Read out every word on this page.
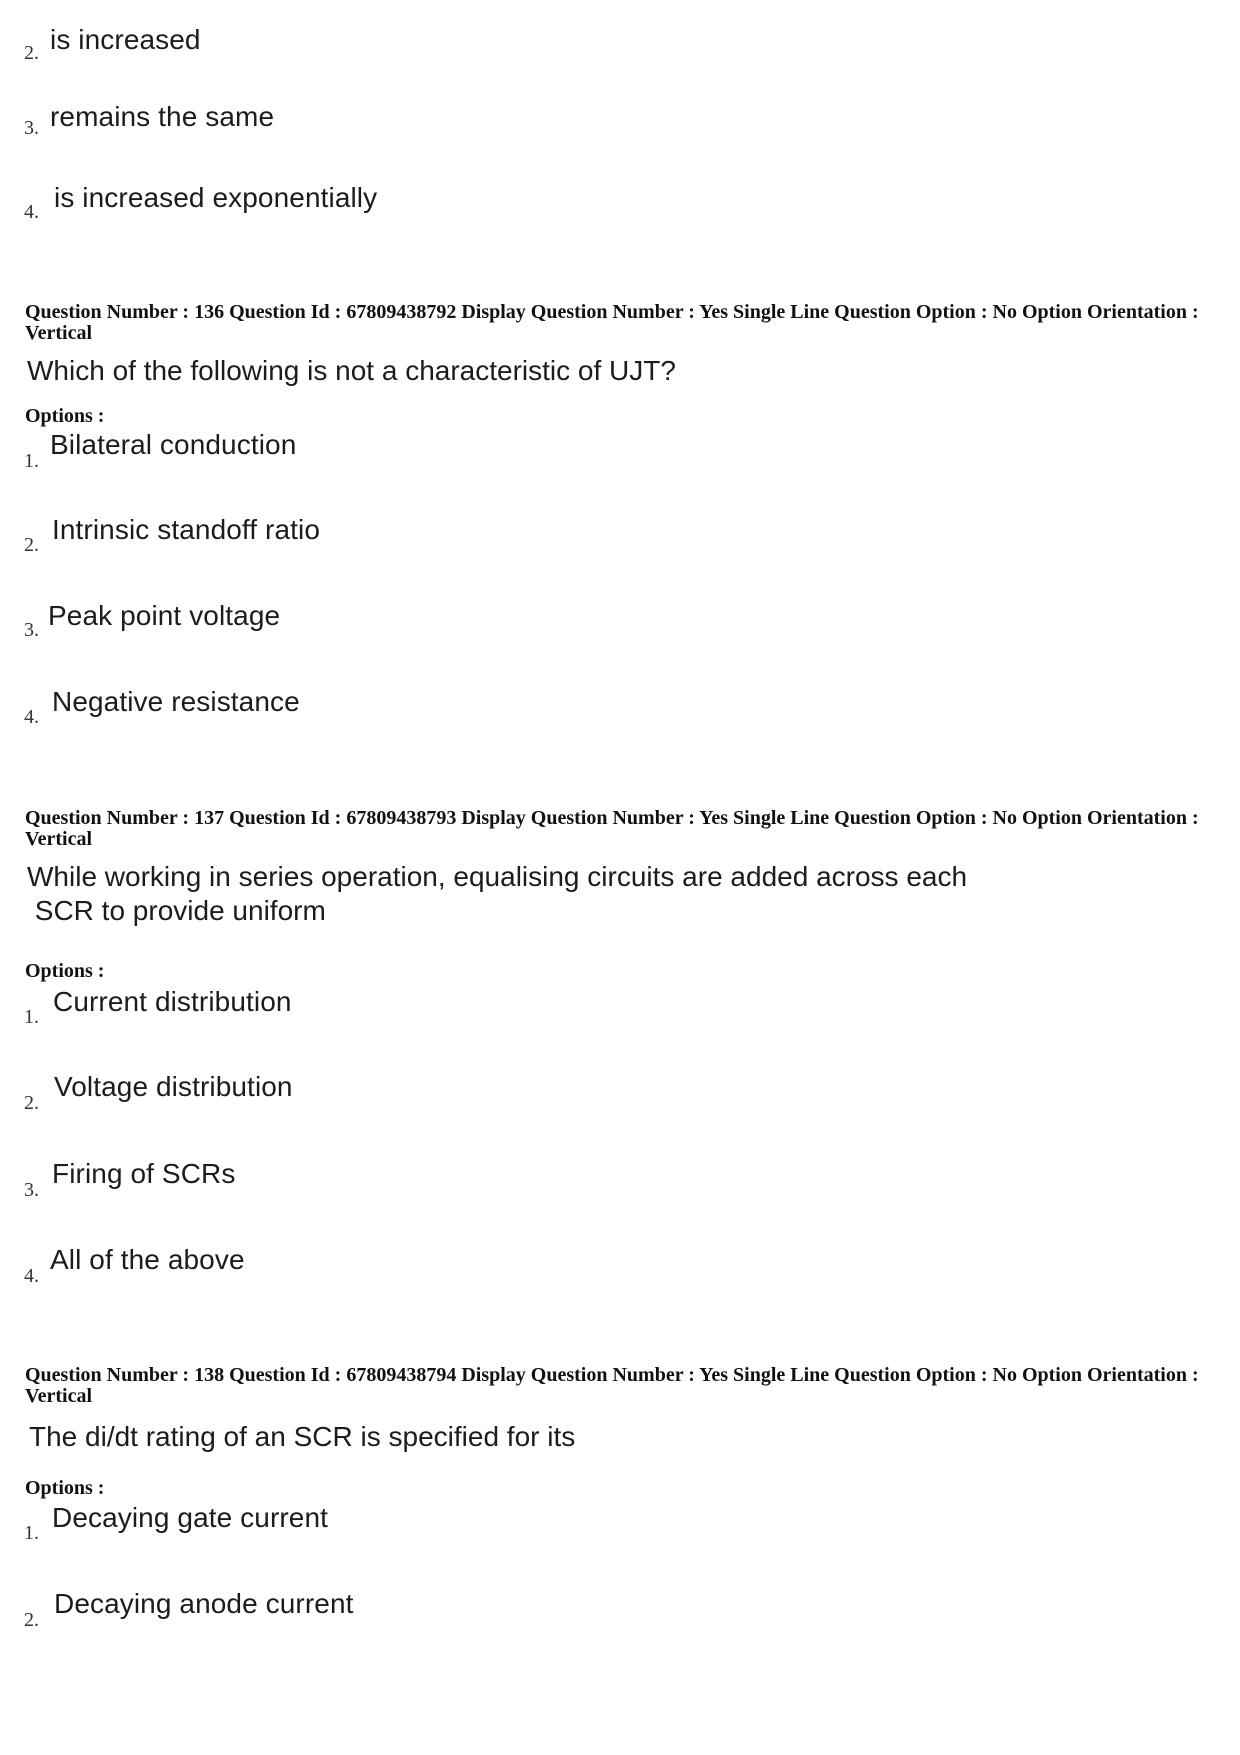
2. is increased
3. remains the same
4. is increased exponentially
Question Number : 136 Question Id : 67809438792 Display Question Number : Yes Single Line Question Option : No Option Orientation : Vertical
Which of the following is not a characteristic of UJT?
Options :
1.
Bilateral conduction
2. Intrinsic standoff ratio
3. Peak point voltage
4. Negative resistance
Question Number : 137 Question Id : 67809438793 Display Question Number : Yes Single Line Question Option : No Option Orientation : Vertical
While working in series operation, equalising circuits are added across each
SCR to provide uniform
Options :
1. Current distribution
2.
Voltage distribution
3.
Firing of SCRs
4.
All of the above
Question Number : 138 Question Id : 67809438794 Display Question Number : Yes Single Line Question Option : No Option Orientation : Vertical
The di/dt rating of an SCR is specified for its
Options :
1. Decaying gate current
2.
Decaying anode current
